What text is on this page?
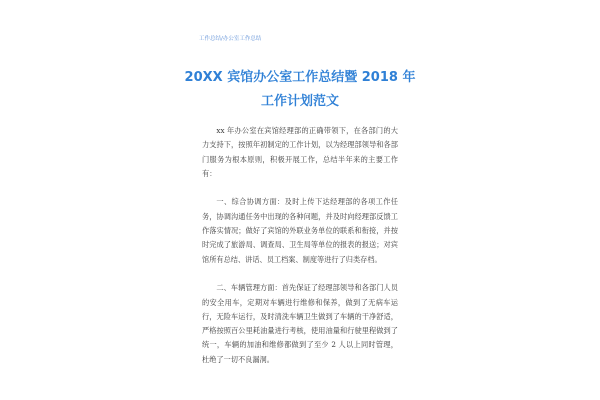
工作总结/办公室工作总结
20XX 宾馆办公室工作总结暨 2018 年
工作计划范文

xx 年办公室在宾馆经理部的正确带领下，在各部门的大力支持下，按照年初制定的工作计划，以为经理部领导和各部门服务为根本原则，积极开展工作，总结半年来的主要工作有：

一、综合协调方面：及时上传下达经理部的各项工作任务，协调沟通任务中出现的各种问题，并及时向经理部反馈工作落实情况；做好了宾馆的外联业务单位的联系和衔接，并按时完成了旅游局、调查局、卫生局等单位的报表的报送；对宾馆所有总结、讲话、员工档案、制度等进行了归类存档。

二、车辆管理方面：首先保证了经理部领导和各部门人员的安全用车，定期对车辆进行维修和保养，做到了无病车运行，无险车运行，及时清洗车辆卫生做到了车辆的干净舒适，严格按照百公里耗油量进行考核，使用油量和行驶里程做到了统一，车辆的加油和维修都做到了至少 2 人以上同时管理，杜绝了一切不良漏洞。
